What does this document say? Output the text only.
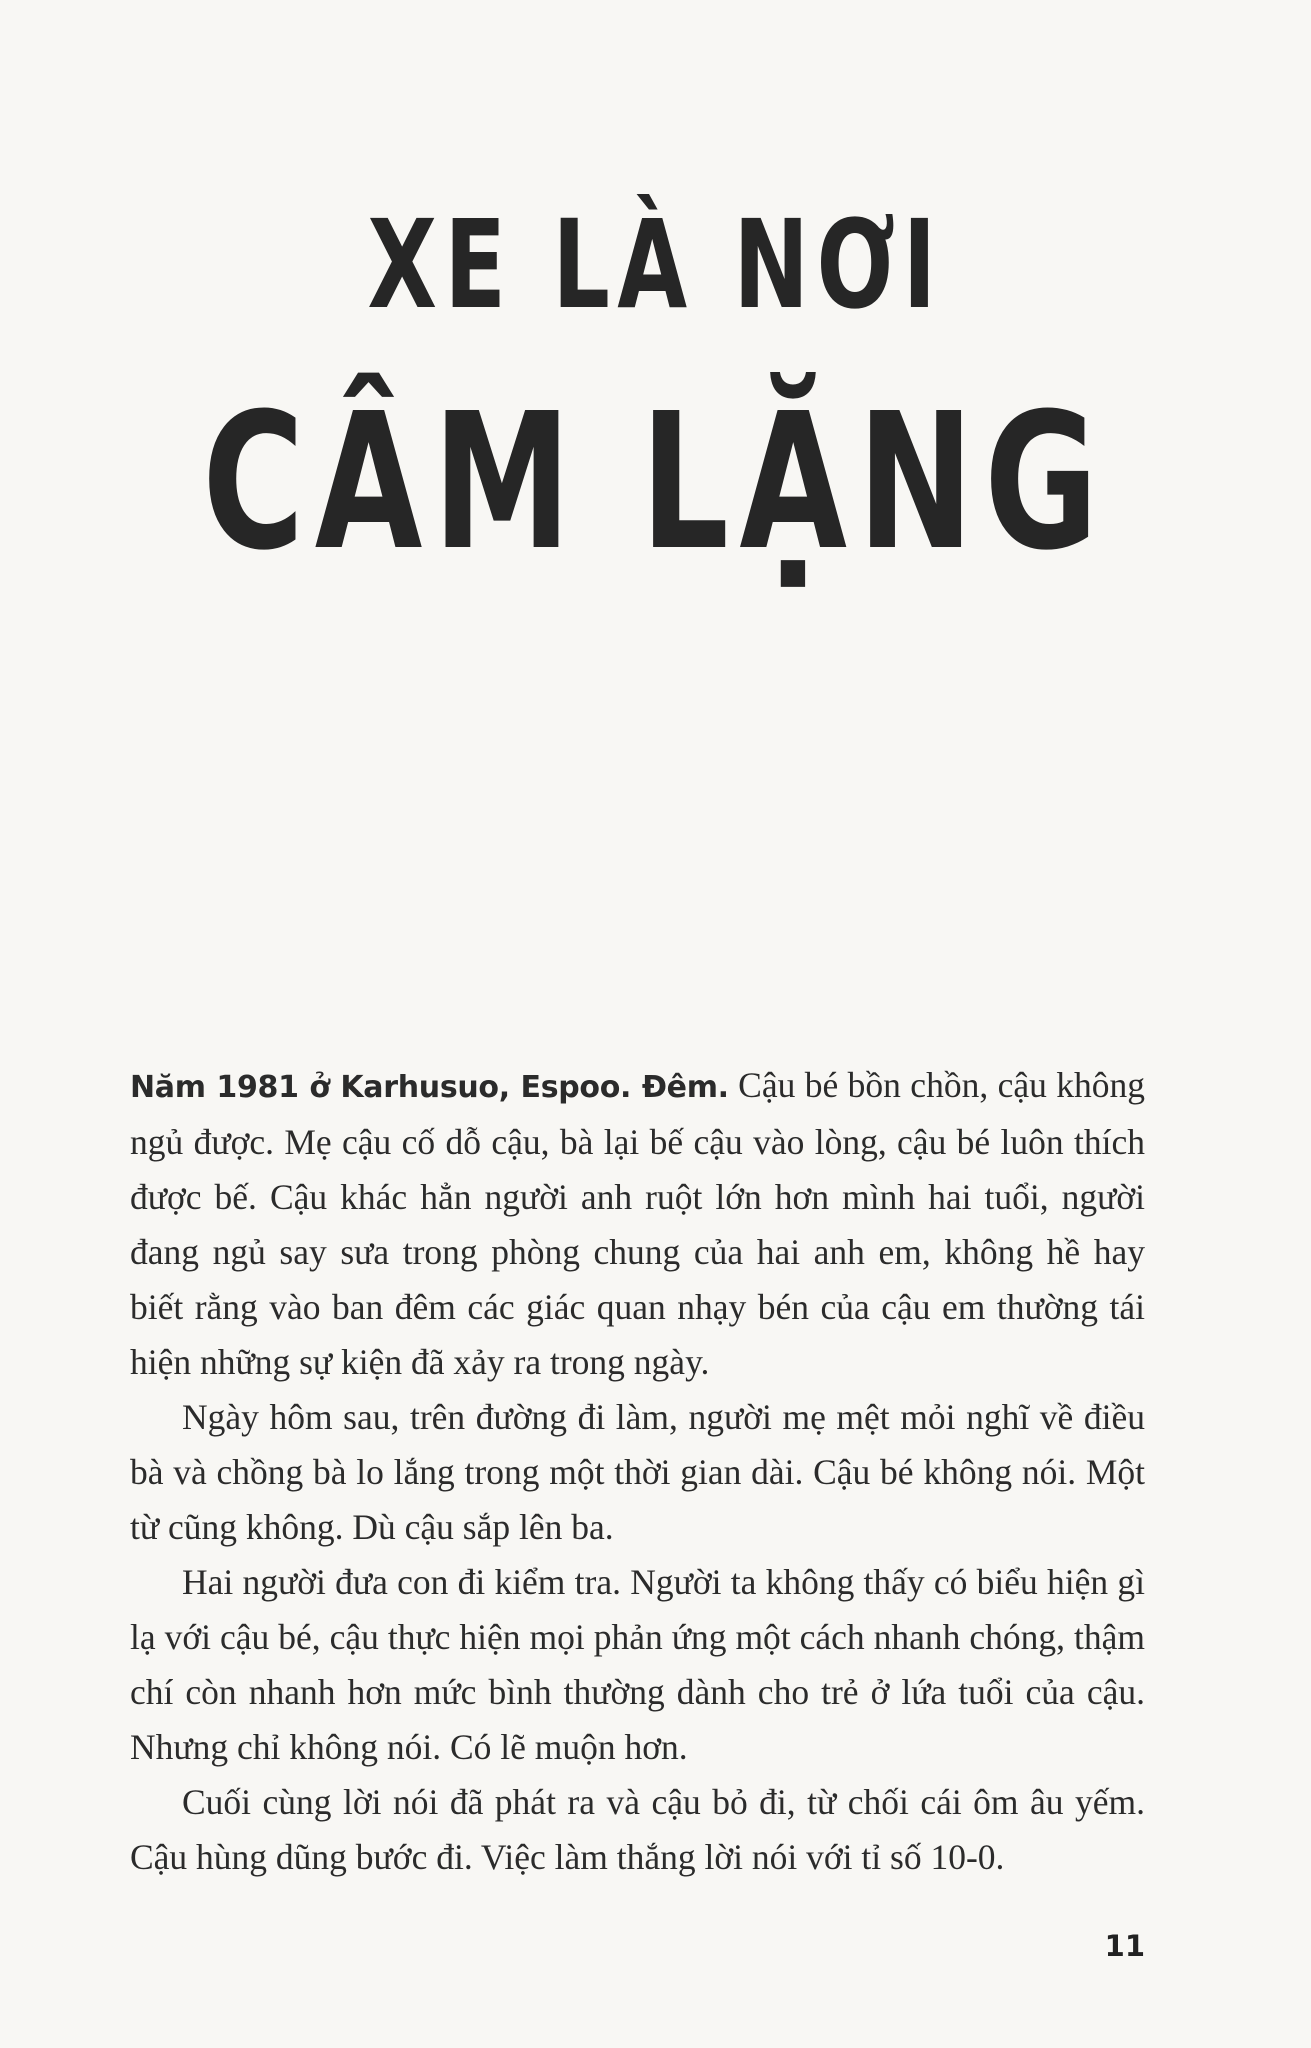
XE LÀ NƠI
CÂM LẶNG

Năm 1981 ở Karhusuo, Espoo. Đêm. Cậu bé bồn chồn, cậu không ngủ được. Mẹ cậu cố dỗ cậu, bà lại bế cậu vào lòng, cậu bé luôn thích được bế. Cậu khác hẳn người anh ruột lớn hơn mình hai tuổi, người đang ngủ say sưa trong phòng chung của hai anh em, không hề hay biết rằng vào ban đêm các giác quan nhạy bén của cậu em thường tái hiện những sự kiện đã xảy ra trong ngày.

Ngày hôm sau, trên đường đi làm, người mẹ mệt mỏi nghĩ về điều bà và chồng bà lo lắng trong một thời gian dài. Cậu bé không nói. Một từ cũng không. Dù cậu sắp lên ba.

Hai người đưa con đi kiểm tra. Người ta không thấy có biểu hiện gì lạ với cậu bé, cậu thực hiện mọi phản ứng một cách nhanh chóng, thậm chí còn nhanh hơn mức bình thường dành cho trẻ ở lứa tuổi của cậu. Nhưng chỉ không nói. Có lẽ muộn hơn.

Cuối cùng lời nói đã phát ra và cậu bỏ đi, từ chối cái ôm âu yếm. Cậu hùng dũng bước đi. Việc làm thắng lời nói với tỉ số 10-0.

11
